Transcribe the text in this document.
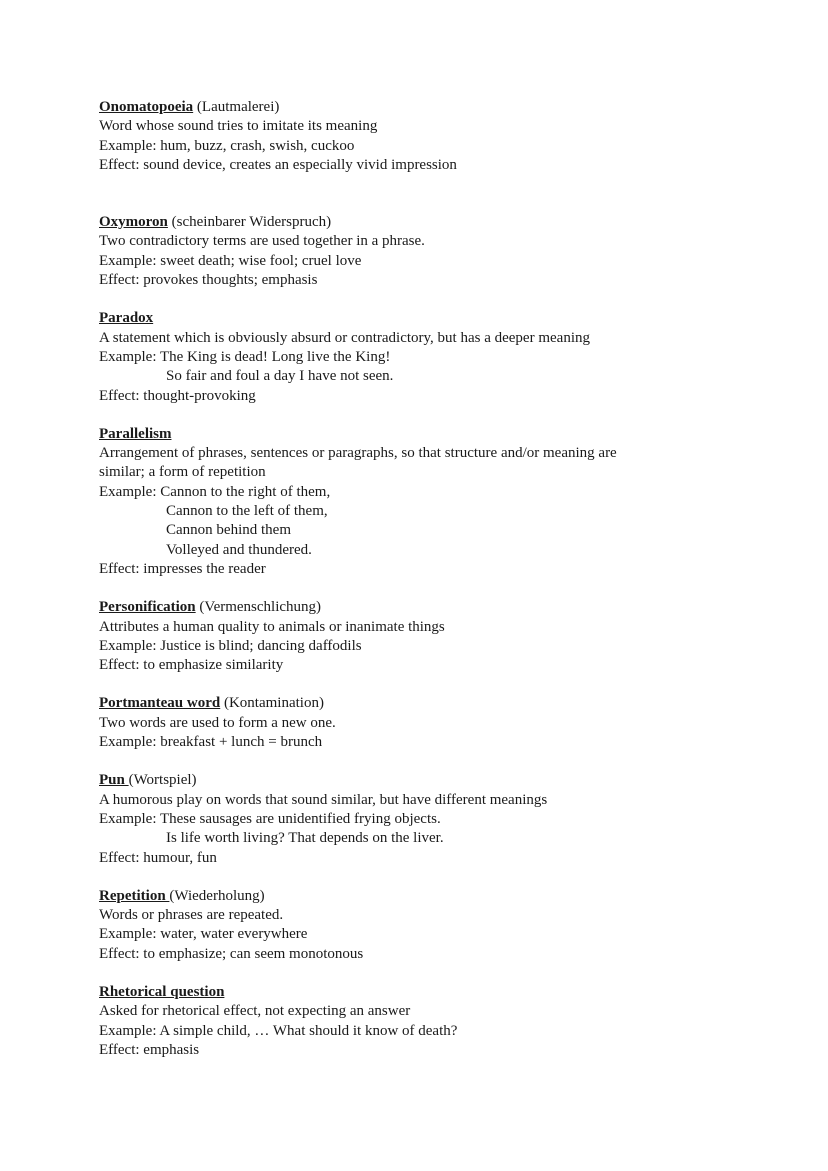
Onomatopoeia (Lautmalerei)
Word whose sound tries to imitate its meaning
Example: hum, buzz, crash, swish, cuckoo
Effect: sound device, creates an especially vivid impression
Oxymoron (scheinbarer Widerspruch)
Two contradictory terms are used together in a phrase.
Example: sweet death; wise fool; cruel love
Effect: provokes thoughts; emphasis
Paradox
A statement which is obviously absurd or contradictory, but has a deeper meaning
Example: The King is dead! Long live the King!
So fair and foul a day I have not seen.
Effect: thought-provoking
Parallelism
Arrangement of phrases, sentences or paragraphs, so that structure and/or meaning are
similar; a form of repetition
Example: Cannon to the right of them,
Cannon to the left of them,
Cannon behind them
Volleyed and thundered.
Effect: impresses the reader
Personification (Vermenschlichung)
Attributes a human quality to animals or inanimate things
Example: Justice is blind; dancing daffodils
Effect: to emphasize similarity
Portmanteau word (Kontamination)
Two words are used to form a new one.
Example: breakfast + lunch = brunch
Pun (Wortspiel)
A humorous play on words that sound similar, but have different meanings
Example: These sausages are unidentified frying objects.
Is life worth living? That depends on the liver.
Effect: humour, fun
Repetition (Wiederholung)
Words or phrases are repeated.
Example: water, water everywhere
Effect: to emphasize; can seem monotonous
Rhetorical question
Asked for rhetorical effect, not expecting an answer
Example: A simple child, … What should it know of death?
Effect: emphasis
